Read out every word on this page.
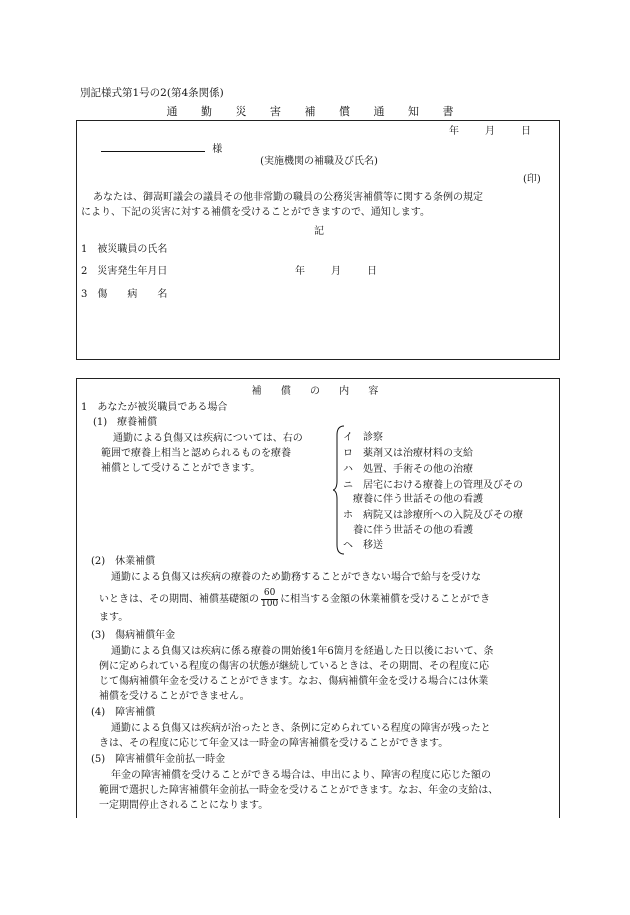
別記様式第1号の2(第4条関係)
通 勤 災 害 補 償 通 知 書
年	月	日
様
(実施機関の補職及び氏名)
(印)
あなたは、御嵩町議会の議員その他非常勤の職員の公務災害補償等に関する条例の規定
により、下記の災害に対する補償を受けることができますので、通知します。
記
1 被災職員の氏名
2 災害発生年月日	年	月	日
3 傷　　病　　名
補 償 の 内 容
1　あなたが被災職員である場合
(1)　療養補償
通勤による負傷又は疾病については、右の
範囲で療養上相当と認められるものを療養
補償として受けることができます。
イ　診察
ロ　薬剤又は治療材料の支給
ハ　処置、手術その他の治療
ニ　居宅における療養上の管理及びその
　療養に伴う世話その他の看護
ホ　病院又は診療所への入院及びその療
　養に伴う世話その他の看護
ヘ　移送
(2)　休業補償
通勤による負傷又は疾病の療養のため勤務することができない場合で給与を受けな
いときは、その期間、補償基礎額の $\frac{60}{100}$ に相当する金額の休業補償を受けることができ
ます。
(3)　傷病補償年金
通勤による負傷又は疾病に係る療養の開始後1年6箇月を経過した日以後において、条
例に定められている程度の傷害の状態が継続しているときは、その期間、その程度に応
じて傷病補償年金を受けることができます。なお、傷病補償年金を受ける場合には休業
補償を受けることができません。
(4)　障害補償
通勤による負傷又は疾病が治ったとき、条例に定められている程度の障害が残ったと
きは、その程度に応じて年金又は一時金の障害補償を受けることができます。
(5)　障害補償年金前払一時金
年金の障害補償を受けることができる場合は、申出により、障害の程度に応じた額の
範囲で選択した障害補償年金前払一時金を受けることができます。なお、年金の支給は、
一定期間停止されることになります。
